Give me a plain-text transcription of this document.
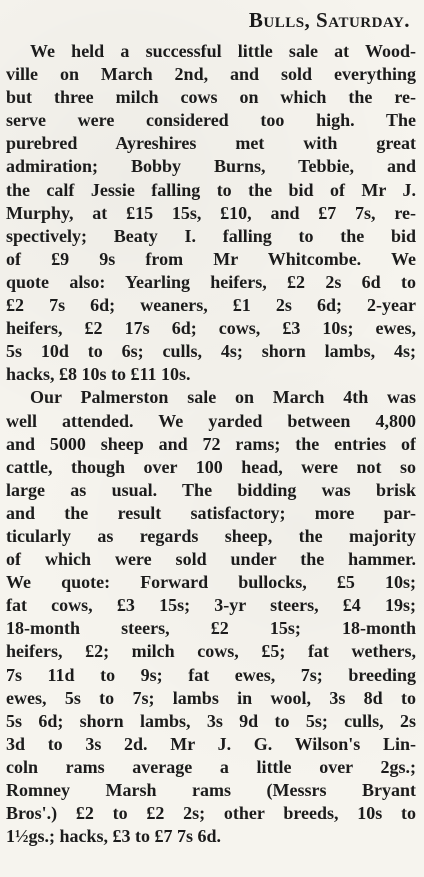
Bulls, Saturday.
We held a successful little sale at Wood-
ville on March 2nd, and sold everything
but three milch cows on which the re-
serve were considered too high. The
purebred Ayreshires met with great
admiration; Bobby Burns, Tebbie, and
the calf Jessie falling to the bid of Mr J.
Murphy, at £15 15s, £10, and £7 7s, re-
spectively; Beaty I. falling to the bid
of £9 9s from Mr Whitcombe. We
quote also: Yearling heifers, £2 2s 6d to
£2 7s 6d; weaners, £1 2s 6d; 2-year
heifers, £2 17s 6d; cows, £3 10s; ewes,
5s 10d to 6s; culls, 4s; shorn lambs, 4s;
hacks, £8 10s to £11 10s.
Our Palmerston sale on March 4th was
well attended. We yarded between 4,800
and 5000 sheep and 72 rams; the entries of
cattle, though over 100 head, were not so
large as usual. The bidding was brisk
and the result satisfactory; more par-
ticularly as regards sheep, the majority
of which were sold under the hammer.
We quote: Forward bullocks, £5 10s;
fat cows, £3 15s; 3-yr steers, £4 19s;
18-month steers, £2 15s; 18-month
heifers, £2; milch cows, £5; fat wethers,
7s 11d to 9s; fat ewes, 7s; breeding
ewes, 5s to 7s; lambs in wool, 3s 8d to
5s 6d; shorn lambs, 3s 9d to 5s; culls, 2s
3d to 3s 2d. Mr J. G. Wilson's Lin-
coln rams average a little over 2gs.;
Romney Marsh rams (Messrs Bryant
Bros'.) £2 to £2 2s; other breeds, 10s to
1½gs.; hacks, £3 to £7 7s 6d.
